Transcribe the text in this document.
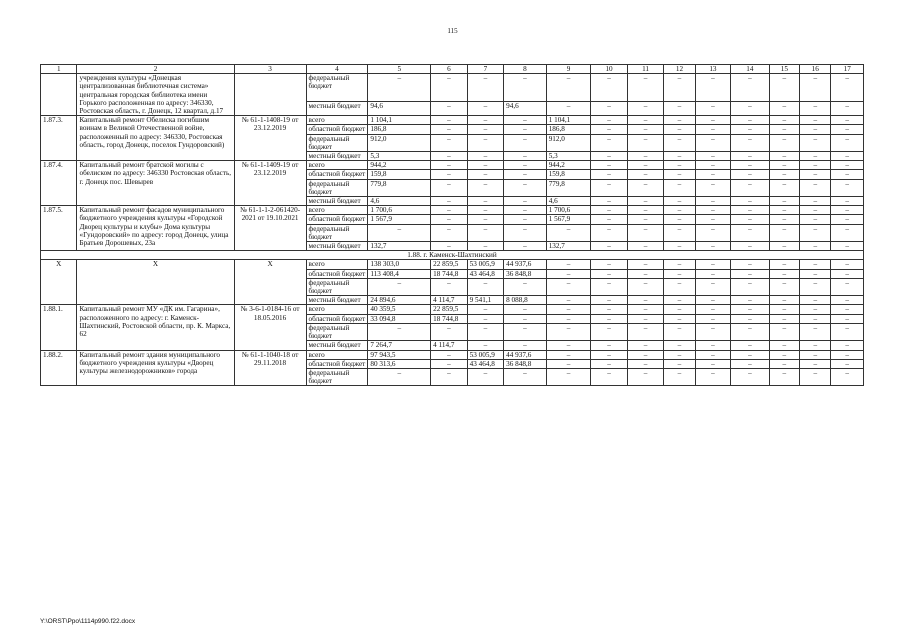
115
1	2	3	4	5	6	7	8	9	10	11	12	13	14	15	16	17
	учреждения культуры «Донецкая централизованная библиотечная система» центральная городская библиотека имени Горького расположенная по адресу: 346330, Ростовская область, г. Донецк, 12 квартал, д.17		федеральный бюджет	–	–	–	–	–	–	–	–	–	–	–	–	–
			местный бюджет	94,6	–	–	94,6	–	–	–	–	–	–	–	–	–
1.87.3.	Капитальный ремонт Обелиска погибшим воинам в Великой Отечественной войне, расположенный по адресу: 346330, Ростовская область, город Донецк, поселок Гундоровский)	№ 61-1-1408-19 от 23.12.2019	всего	1 104,1	–	–	–	1 104,1	–	–	–	–	–	–	–	–
			областной бюджет	186,8	–	–	–	186,8	–	–	–	–	–	–	–	–
			федеральный бюджет	912,0	–	–	–	912,0	–	–	–	–	–	–	–	–
			местный бюджет	5,3	–	–	–	5,3	–	–	–	–	–	–	–	–
1.87.4.	Капитальный ремонт братской могилы с обелиском по адресу: 346330 Ростовская область, г. Донецк пос. Шевырев	№ 61-1-1409-19 от 23.12.2019	всего	944,2	–	–	–	944,2	–	–	–	–	–	–	–	–
			областной бюджет	159,8	–	–	–	159,8	–	–	–	–	–	–	–	–
			федеральный бюджет	779,8	–	–	–	779,8	–	–	–	–	–	–	–	–
			местный бюджет	4,6	–	–	–	4,6	–	–	–	–	–	–	–	–
1.87.5.	Капитальный ремонт фасадов муниципального бюджетного учреждения культуры «Городской Дворец культуры и клубы» Дома культуры «Гундоровский» по адресу: город Донецк, улица Братьев Дорошевых, 23а	№ 61-1-1-2-061420-2021 от 19.10.2021	всего	1 700,6	–	–	–	1 700,6	–	–	–	–	–	–	–	–
			областной бюджет	1 567,9	–	–	–	1 567,9	–	–	–	–	–	–	–	–
			федеральный бюджет	–	–	–	–	–	–	–	–	–	–	–	–	–
			местный бюджет	132,7	–	–	–	132,7	–	–	–	–	–	–	–	–
1.88. г. Каменск-Шахтинский																
Х	Х	Х	всего	138 303,0	22 859,5	53 005,9	44 937,6	–	–	–	–	–	–	–	–	–
			областной бюджет	113 408,4	18 744,8	43 464,8	36 848,8	–	–	–	–	–	–	–	–	–
			федеральный бюджет	–	–	–	–	–	–	–	–	–	–	–	–	–
			местный бюджет	24 894,6	4 114,7	9 541,1	8 088,8	–	–	–	–	–	–	–	–	–
1.88.1.	Капитальный ремонт МУ «ДК им. Гагарина», расположенного по адресу: г. Каменск-Шахтинский, Ростовской области, пр. К. Маркса, 62	№ 3-6-1-0184-16 от 18.05.2016	всего	40 359,5	22 859,5	–	–	–	–	–	–	–	–	–	–	–
			областной бюджет	33 094,8	18 744,8	–	–	–	–	–	–	–	–	–	–	–
			федеральный бюджет	–	–	–	–	–	–	–	–	–	–	–	–	–
			местный бюджет	7 264,7	4 114,7	–	–	–	–	–	–	–	–	–	–	–
1.88.2.	Капитальный ремонт здания муниципального бюджетного учреждения культуры «Дворец культуры железнодорожников» города	№ 61-1-1040-18 от 29.11.2018	всего	97 943,5	–	53 005,9	44 937,6	–	–	–	–	–	–	–	–	–
			областной бюджет	80 313,6	–	43 464,8	36 848,8	–	–	–	–	–	–	–	–	–
			федеральный бюджет	–	–	–	–	–	–	–	–	–	–	–	–	–
Y:\ORST\Ppo\1114p990.f22.docx
